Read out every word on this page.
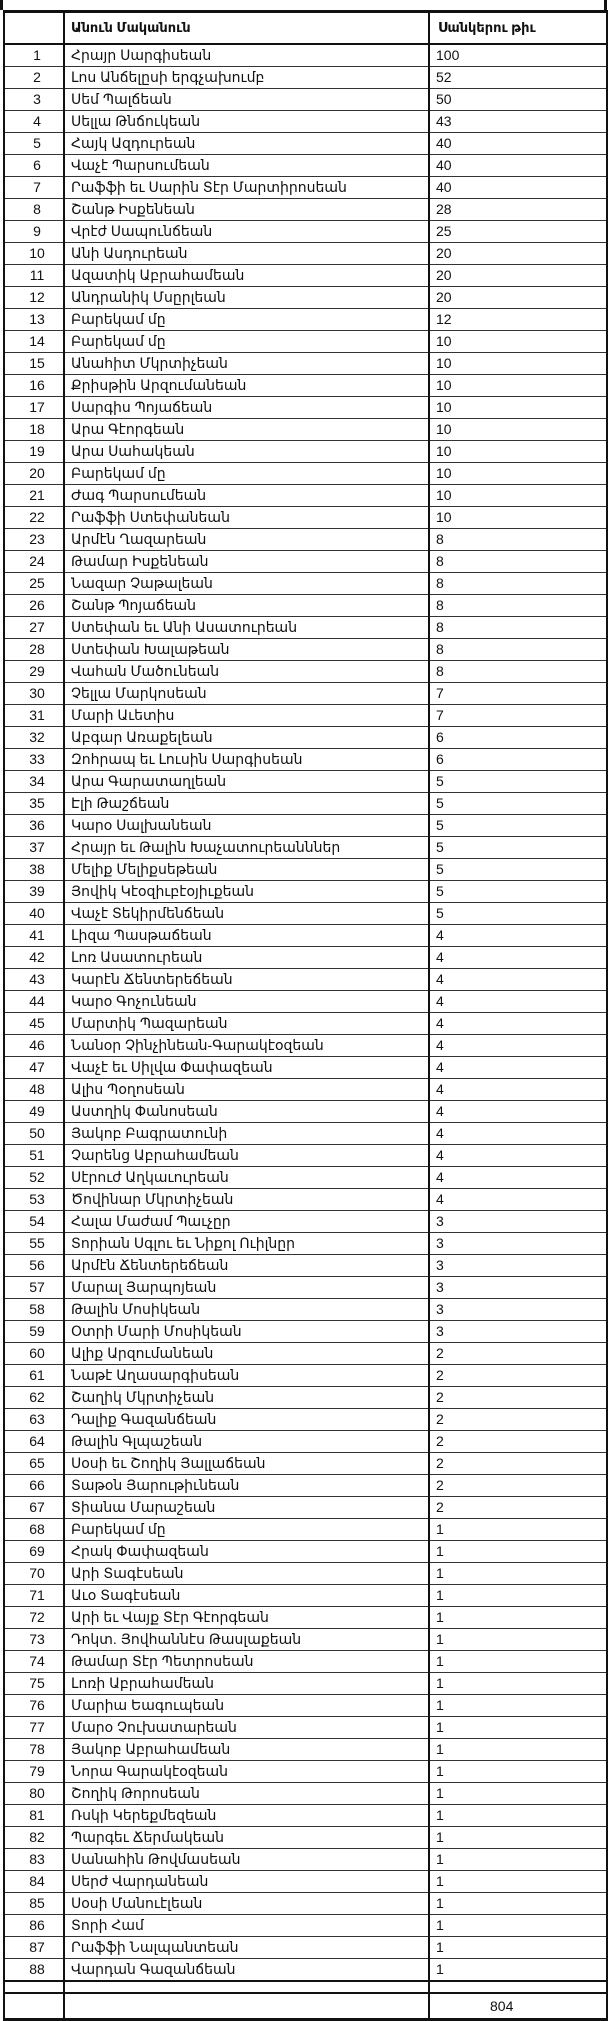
	Անուն Մականուն	Սանկերու թիւ
1	Հրայր Սարգիսեան	100
2	Լոս Անճելըսի երգչախումբ	52
3	Սեմ Պալճեան	50
4	Սելլա Թնճուկեան	43
5	Հայկ Ազդուրեան	40
6	Վաչէ Պարսումեան	40
7	Րաֆֆի եւ Սարին Տէր Մարտիրոսեան	40
8	Շանթ Իսքենեան	28
9	Վրէժ Սապունճեան	25
10	Անի Ասդուրեան	20
11	Ազատիկ Աբրահամեան	20
12	Անդրանիկ Մսըրլեան	20
13	Բարեկամ մը	12
14	Բարեկամ մը	10
15	Անահիտ Մկրտիչեան	10
16	Քրիսթին Արզումանեան	10
17	Սարգիս Պոյաճեան	10
18	Արա Գէորգեան	10
19	Արա Սահակեան	10
20	Բարեկամ մը	10
21	Ժագ Պարսումեան	10
22	Րաֆֆի Ստեփանեան	10
23	Արմէն Ղազարեան	8
24	Թամար Իսքենեան	8
25	Նազար Չաթալեան	8
26	Շանթ Պոյաճեան	8
27	Ստեփան եւ Անի Ասատուրեան	8
28	Ստեփան Խալաթեան	8
29	Վահան Մածունեան	8
30	Չելլա Մարկոսեան	7
31	Մարի Աւետիս	7
32	Աբգար Առաքելեան	6
33	Զոհրապ եւ Լուսին Սարգիսեան	6
34	Արա Գարատաղլեան	5
35	Էլի Թաշճեան	5
36	Կարօ Սալխանեան	5
37	Հրայր եւ Թալին Խաչատուրեանններ	5
38	Մելիք Մելիքսեթեան	5
39	Յովիկ Կէօզիւբէօյիւքեան	5
40	Վաչէ Տեկիրմենճեան	5
41	Լիզա Պասթաճեան	4
42	Լոռ Ասատուրեան	4
43	Կարէն Ճենտերեճեան	4
44	Կարօ Գոչունեան	4
45	Մարտիկ Պազարեան	4
46	Նանօր Չինչինեան-Գարակէօզեան	4
47	Վաչէ եւ Սիլվա Փափազեան	4
48	Ալիս Պօղոսեան	4
49	Աստղիկ Փանոսեան	4
50	Յակոբ Բագրատունի	4
51	Չարենց Աբրահամեան	4
52	Սէրուժ Աղկաւուրեան	4
53	Ծովինար Մկրտիչեան	4
54	Հալա Մաժամ Պաւչըր	3
55	Տորիան Սգլու եւ Նիքոլ Ուիլնըր	3
56	Արմէն Ճենտերեճեան	3
57	Մարալ Յարպոյեան	3
58	Թալին Մոսիկեան	3
59	Օտրի Մարի Մոսիկեան	3
60	Ալիք Արզումանեան	2
61	Նաթէ Աղասարգիսեան	2
62	Շաղիկ Մկրտիչեան	2
63	Դալիք Գազանճեան	2
64	Թալին Գլպաշեան	2
65	Սօսի եւ Շողիկ Յալլաճեան	2
66	Տաթօն Յարութիւնեան	2
67	Տիանա Մարաշեան	2
68	Բարեկամ մը	1
69	Հրակ Փափազեան	1
70	Արի Տագէսեան	1
71	Աւօ Տագէսեան	1
72	Արի եւ Վայք Տէր Գէորգեան	1
73	Դոկտ. Յովհաննէս Թասլաքեան	1
74	Թամար Տէր Պետրոսեան	1
75	Լոռի Աբրահամեան	1
76	Մարիա Եագուպեան	1
77	Մարօ Չուխատարեան	1
78	Յակոբ Աբրահամեան	1
79	Նորա Գարակէօզեան	1
80	Շողիկ Թորոսեան	1
81	Ռսկի Կերեքմեզեան	1
82	Պարգեւ Ճերմակեան	1
83	Սանահին Թովմասեան	1
84	Սերժ Վարդանեան	1
85	Սօսի Մանուէլեան	1
86	Տորի Համ	1
87	Րաֆֆի Նալպանտեան	1
88	Վարդան Գազանճեան	1

		804
